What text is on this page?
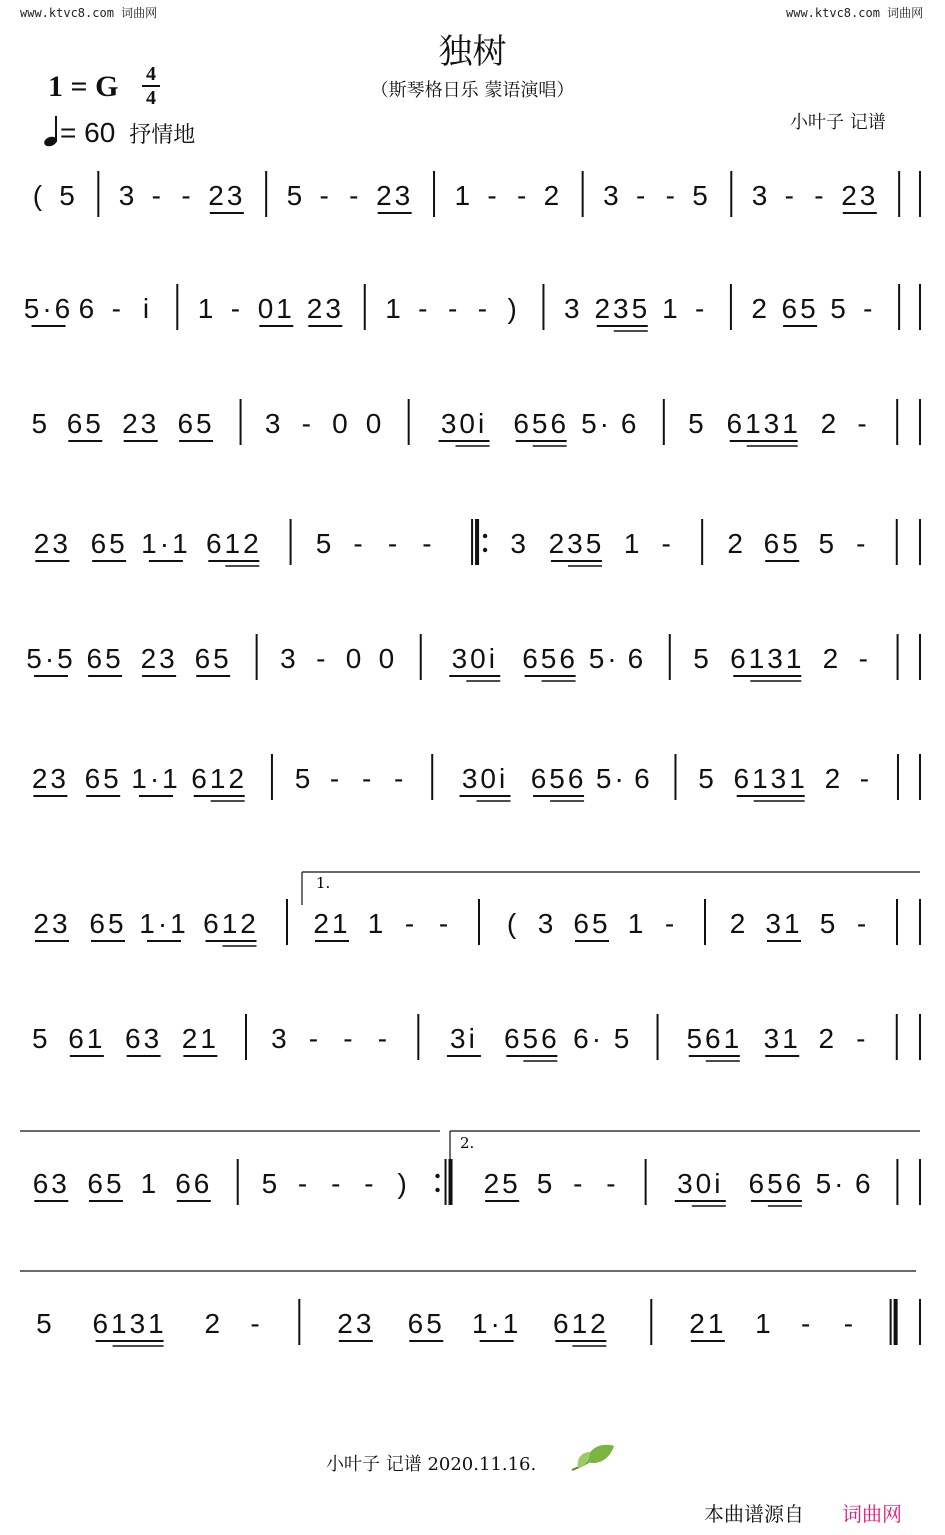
www.ktvc8.com 词曲网	www.ktvc8.com 词曲网
独树
（斯琴格日乐 蒙语演唱）
1 = G 4
4
= 60 抒情地
小叶子 记谱
( 5 3 - - 23 5 - - 23 1 - - 2 3 - - 5 3 - - 23
5·6 6 - i 1 - 01 23 1 - - - ) 3 235 1 - 2 65 5 -
5 65 23 65 3 - 0 0 30i 656 5· 6 5 6131 2 -
23 65 1·1 612 5 - - -	3 235 1 - 2 65 5 -
5·5 65 23 65 3 - 0 0 30i 656 5· 6 5 6131 2 -
23 65 1·1 612 5 - - - 30i 656 5· 6 5 6131 2 -
23 65 1·1 612 21 1 - - ( 3 65 1 - 2 31 5 -
5 61 63 21 3 - - - 3i 656 6· 5 561 31 2 -
63 65 1 66 5 - - - )	25 5 - - 30i 656 5· 6
5 6131 2 -	23 65 1·1 612	21 1 - -
1.
2.
小叶子 记谱 2020.11.16.
本曲谱源自 词曲网
